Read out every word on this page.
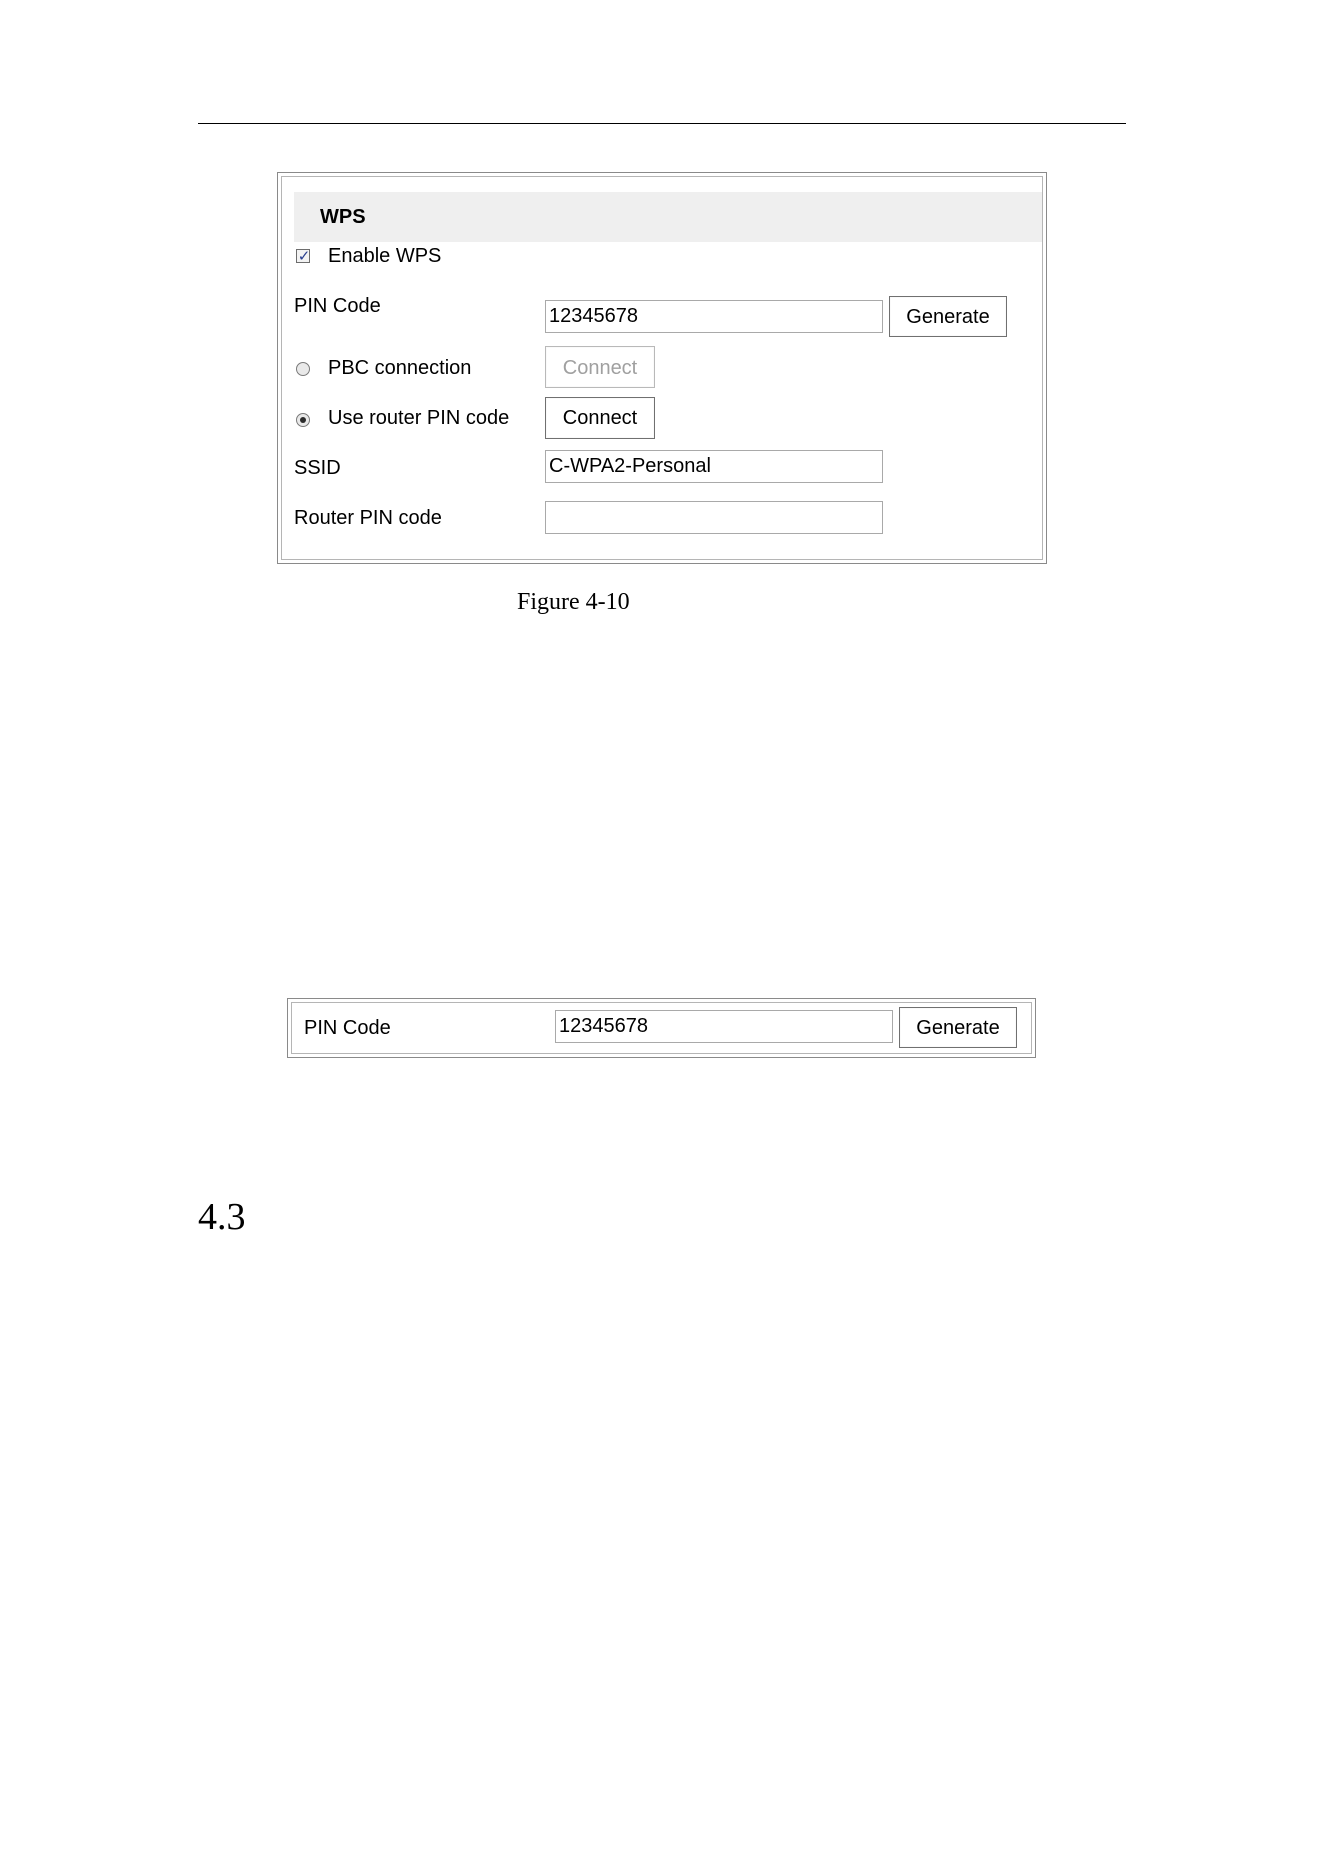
WPS
✓ Enable WPS
PIN Code	12345678	Generate
PBC connection	Connect
Use router PIN code	Connect
SSID	C-WPA2-Personal
Router PIN code
Figure 4-10
PIN Code	12345678	Generate
4.3
